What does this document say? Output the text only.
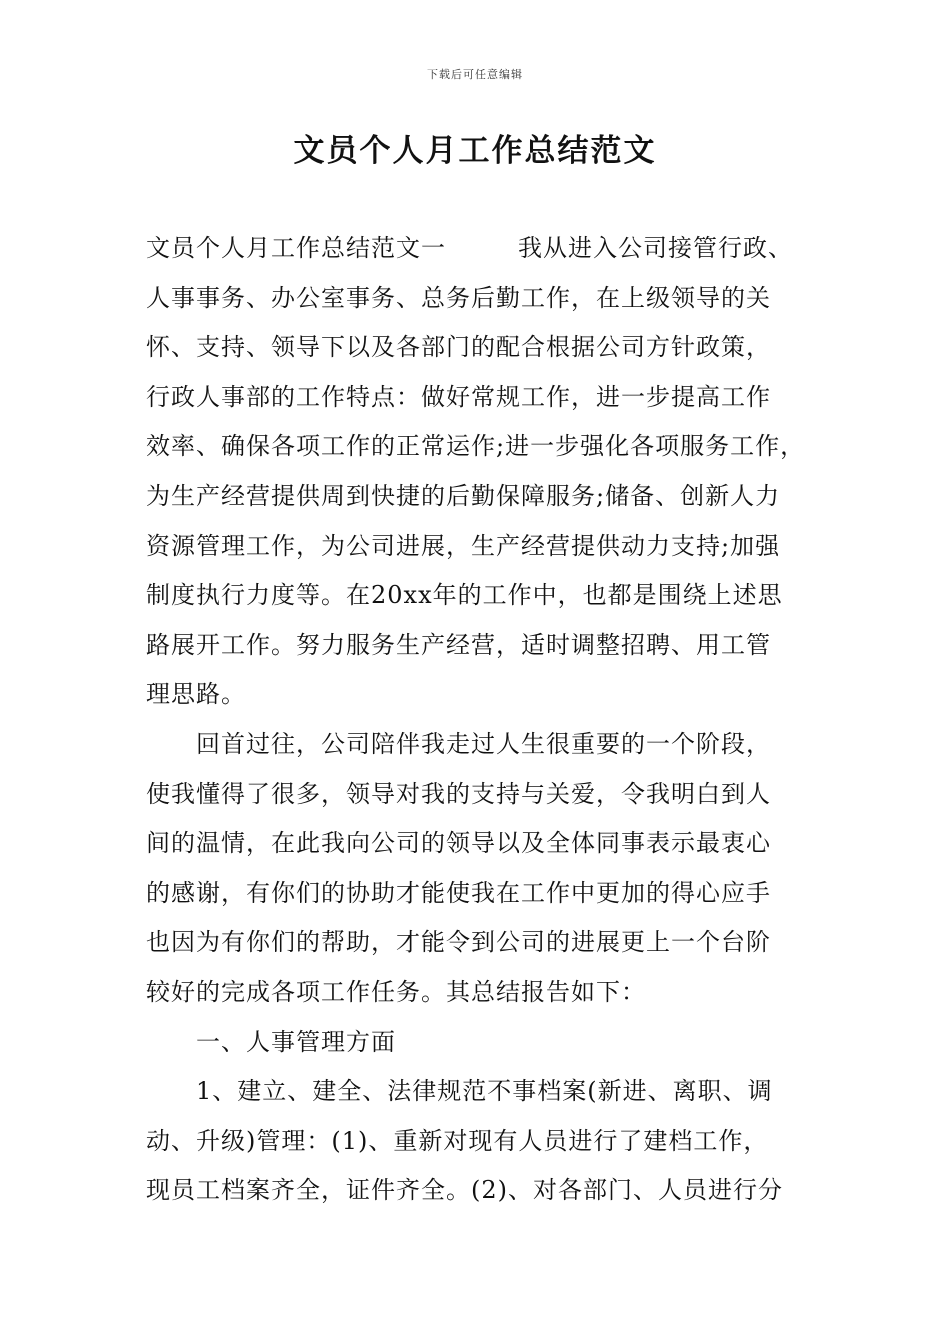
下载后可任意编辑
文员个人月工作总结范文
文员个人月工作总结范文一	我从进入公司接管行政、
人事事务、办公室事务、总务后勤工作，在上级领导的关
怀、支持、领导下以及各部门的配合根据公司方针政策，
行政人事部的工作特点：做好常规工作，进一步提高工作
效率、确保各项工作的正常运作;进一步强化各项服务工作，
为生产经营提供周到快捷的后勤保障服务;储备、创新人力
资源管理工作，为公司进展，生产经营提供动力支持;加强
制度执行力度等。在20xx年的工作中，也都是围绕上述思
路展开工作。努力服务生产经营，适时调整招聘、用工管
理思路。
回首过往，公司陪伴我走过人生很重要的一个阶段，
使我懂得了很多，领导对我的支持与关爱，令我明白到人
间的温情，在此我向公司的领导以及全体同事表示最衷心
的感谢，有你们的协助才能使我在工作中更加的得心应手
也因为有你们的帮助，才能令到公司的进展更上一个台阶
较好的完成各项工作任务。其总结报告如下：
一、人事管理方面
1、建立、建全、法律规范不事档案(新进、离职、调
动、升级)管理：(1)、重新对现有人员进行了建档工作，
现员工档案齐全，证件齐全。(2)、对各部门、人员进行分
